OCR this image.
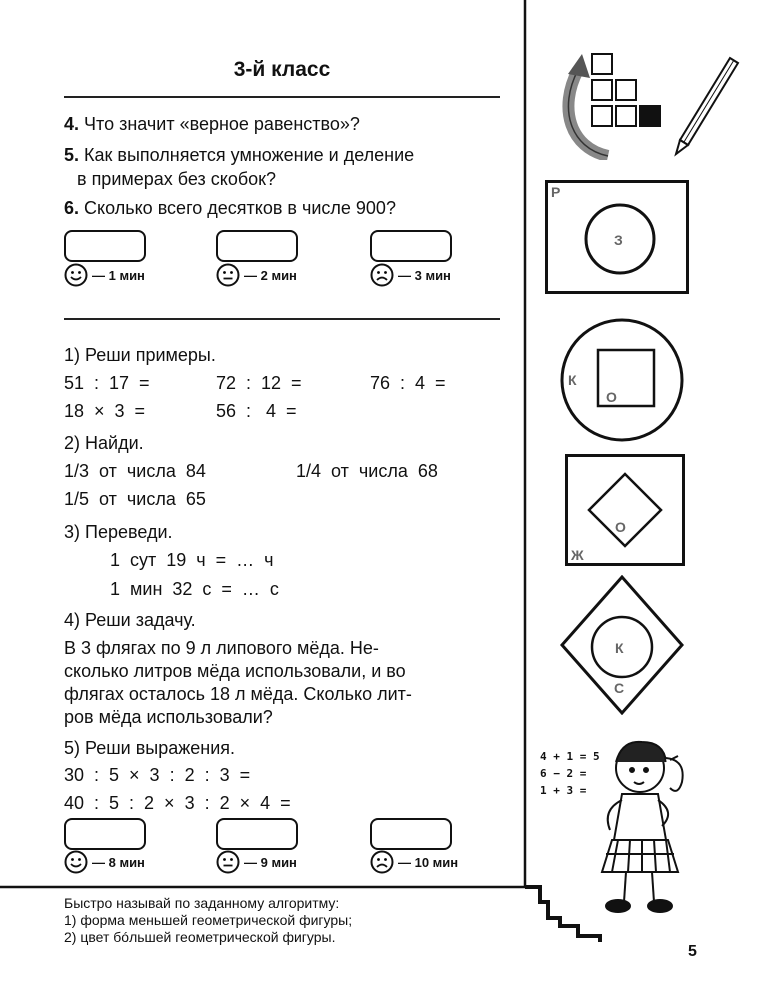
3-й класс
4. Что значит «верное равенство»?
5. Как выполняется умножение и деление
в примерах без скобок?
6. Сколько всего десятков в числе 900?
— 1 мин	— 2 мин	— 3 мин
1) Реши примеры.
51  :  17  =	72  :  12  =	76  :  4  =
18  ×  3  =	56  :   4  =
2) Найди.
1/3  от  числа  84	1/4  от  числа  68
1/5  от  числа  65
3) Переведи.
1  сут  19  ч  =  …  ч
1  мин  32  с  =  …  с
4) Реши задачу.
В 3 флягах по 9 л липового мёда. Не-
сколько литров мёда использовали, и во
флягах осталось 18 л мёда. Сколько лит-
ров мёда использовали?
5) Реши выражения.
30  :  5  ×  3  :  2  :  3  =
40  :  5  :  2  ×  3  :  2  ×  4  =
— 8 мин	— 9 мин	— 10 мин
Быстро называй по заданному алгоритму:
1) форма меньшей геометрической фигуры;
2) цвет бóльшей геометрической фигуры.
5
Р
З
К
О
Ж
О
К
С
4 + 1 = 5
6 − 2 =
1 + 3 =
